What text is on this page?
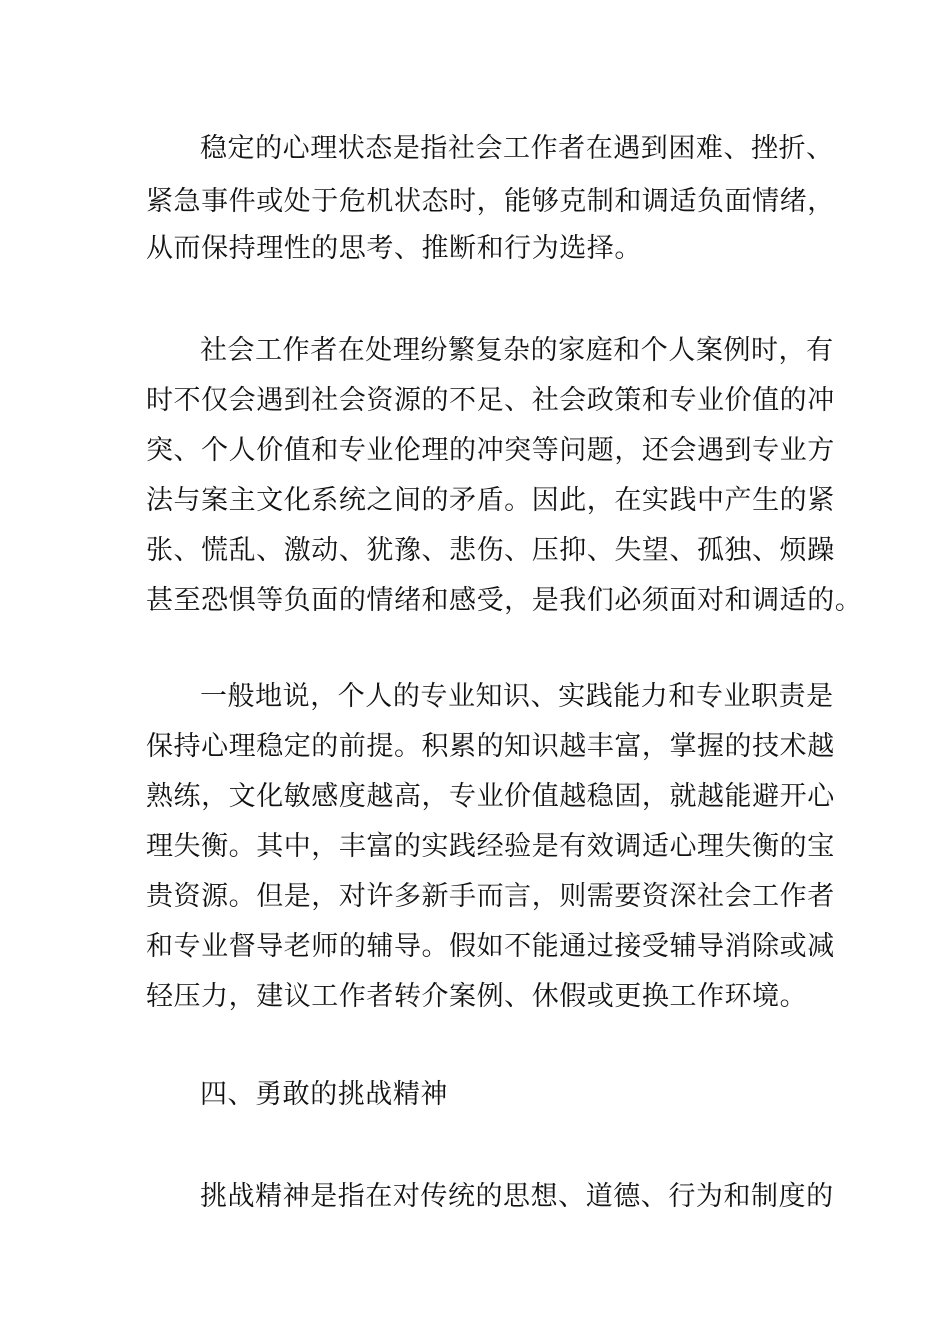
稳定的心理状态是指社会工作者在遇到困难、挫折、
紧急事件或处于危机状态时，能够克制和调适负面情绪，
从而保持理性的思考、推断和行为选择。
社会工作者在处理纷繁复杂的家庭和个人案例时，有
时不仅会遇到社会资源的不足、社会政策和专业价值的冲
突、个人价值和专业伦理的冲突等问题，还会遇到专业方
法与案主文化系统之间的矛盾。因此，在实践中产生的紧
张、慌乱、激动、犹豫、悲伤、压抑、失望、孤独、烦躁
甚至恐惧等负面的情绪和感受，是我们必须面对和调适的。
一般地说，个人的专业知识、实践能力和专业职责是
保持心理稳定的前提。积累的知识越丰富，掌握的技术越
熟练，文化敏感度越高，专业价值越稳固，就越能避开心
理失衡。其中，丰富的实践经验是有效调适心理失衡的宝
贵资源。但是，对许多新手而言，则需要资深社会工作者
和专业督导老师的辅导。假如不能通过接受辅导消除或减
轻压力，建议工作者转介案例、休假或更换工作环境。
四、勇敢的挑战精神
挑战精神是指在对传统的思想、道德、行为和制度的
